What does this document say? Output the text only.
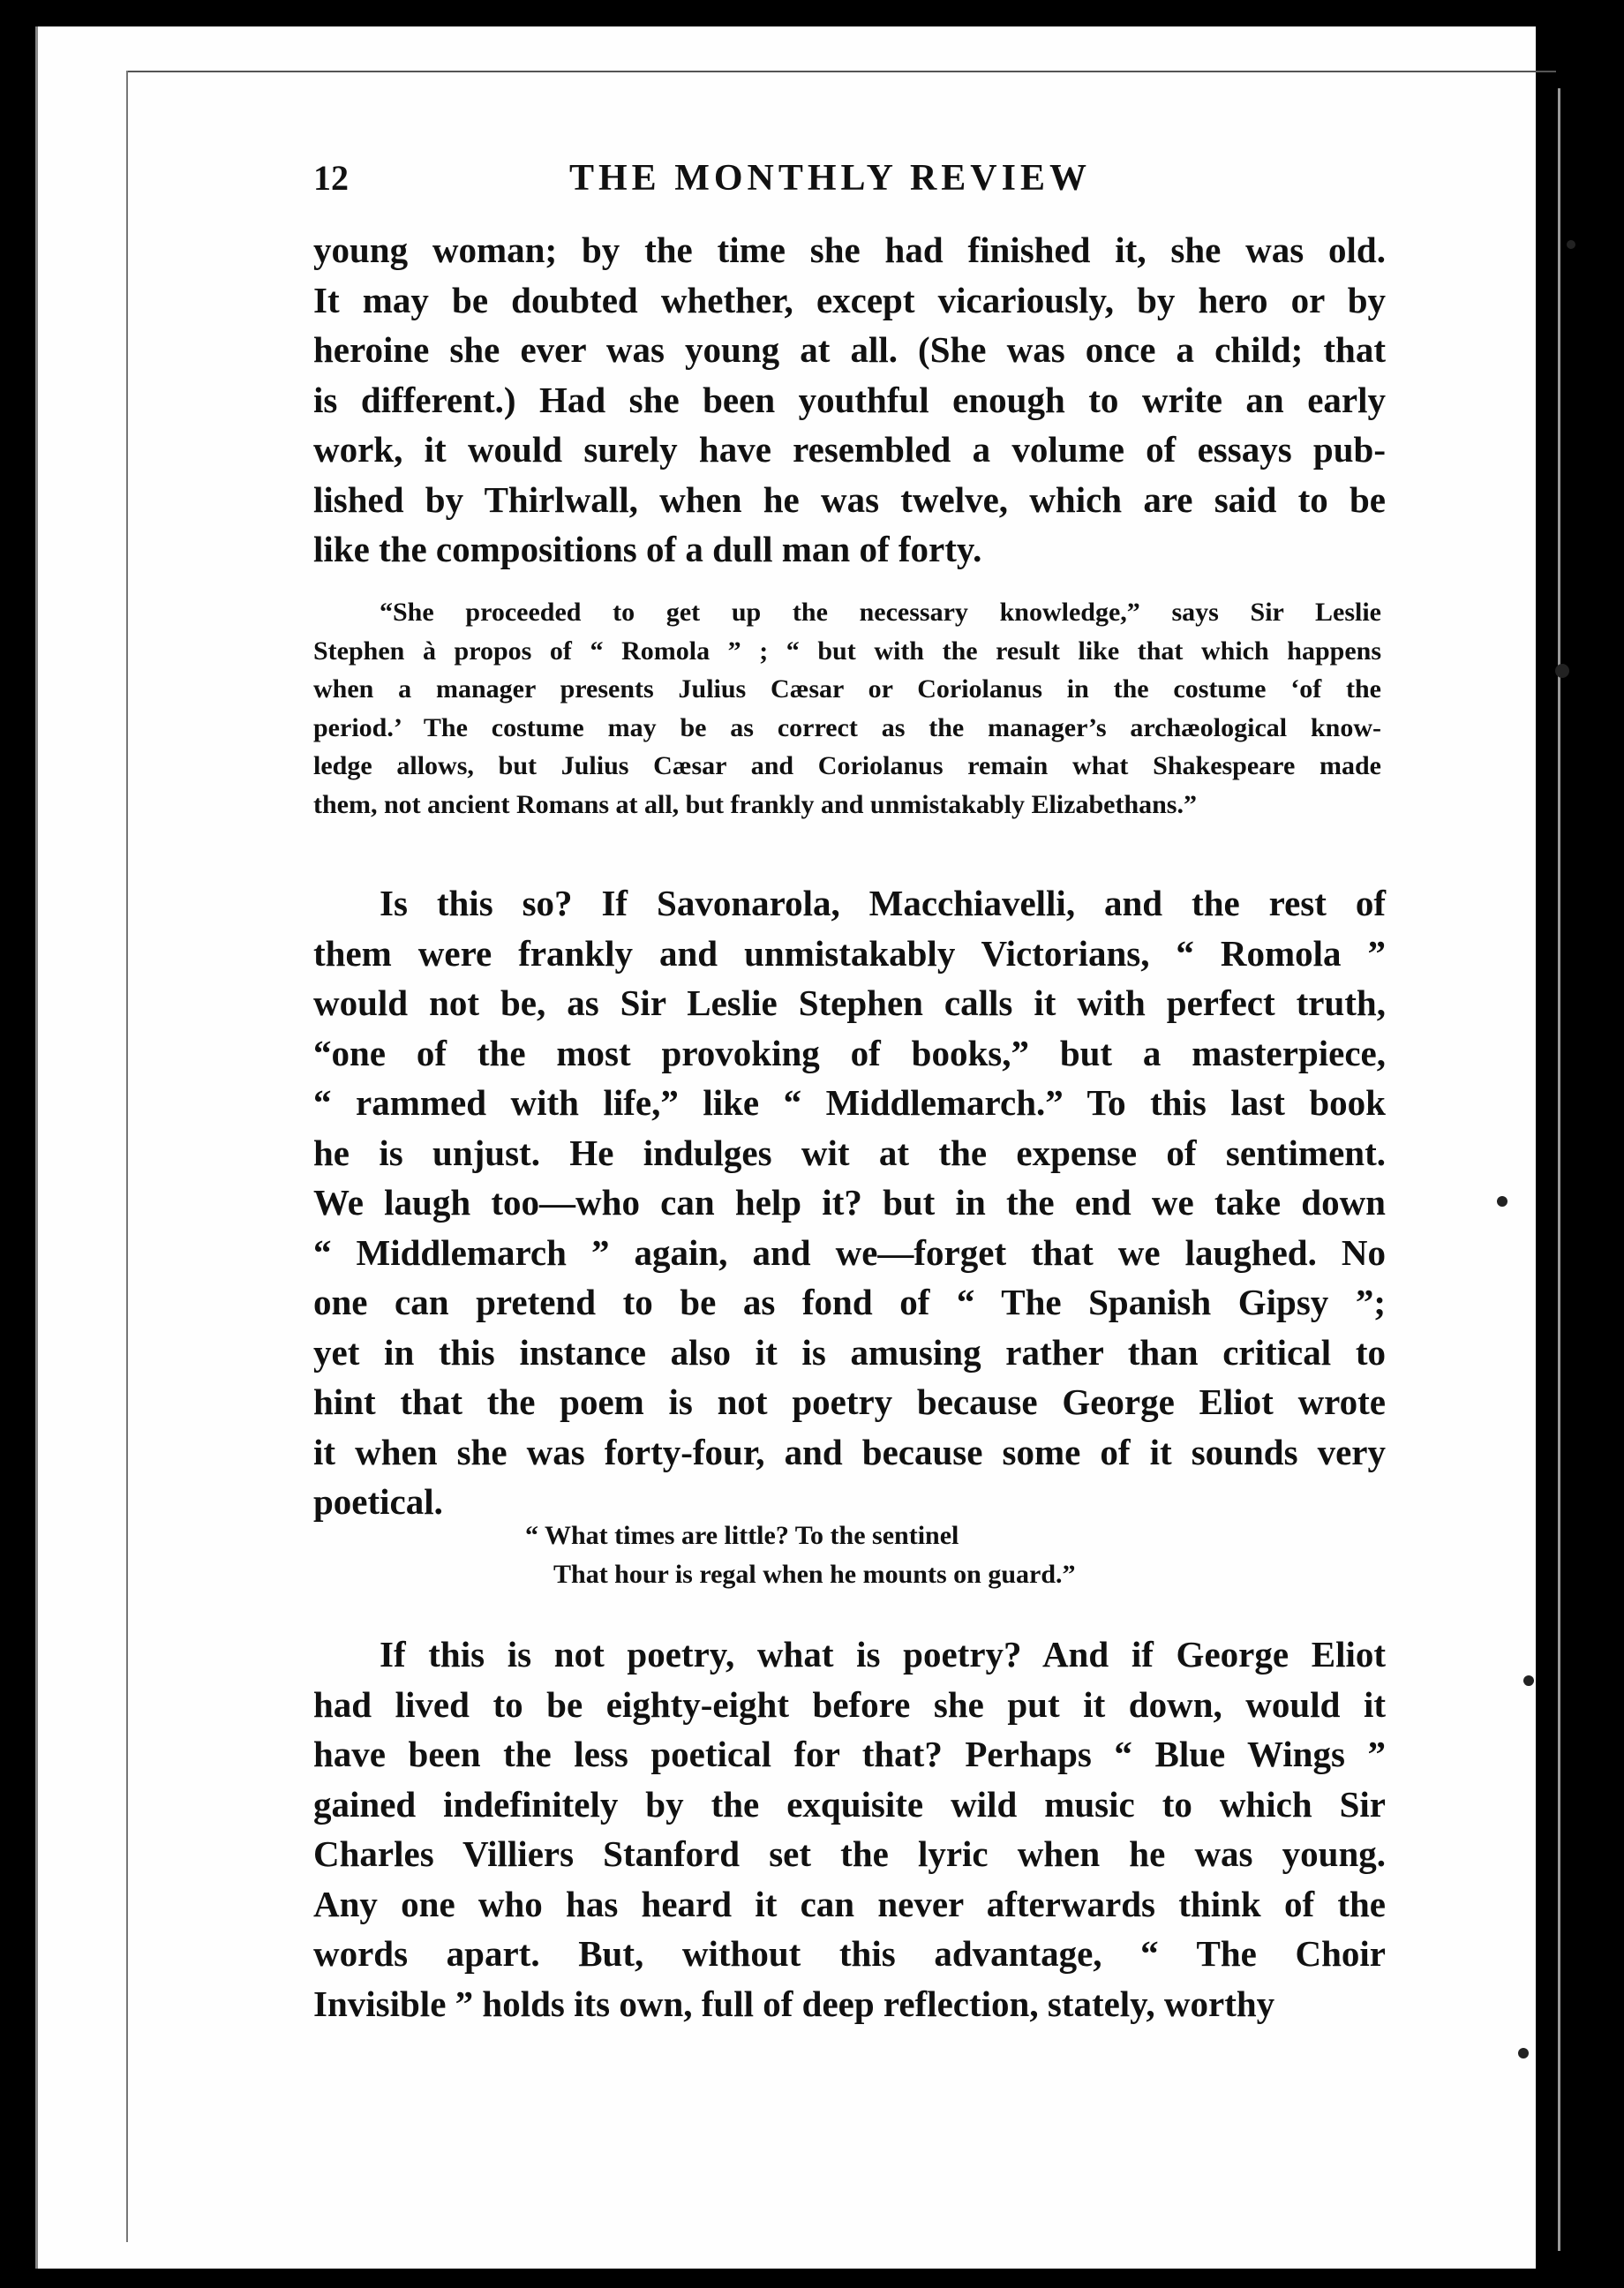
12	THE MONTHLY REVIEW
young woman; by the time she had finished it, she was old.
It may be doubted whether, except vicariously, by hero or by
heroine she ever was young at all. (She was once a child; that
is different.) Had she been youthful enough to write an early
work, it would surely have resembled a volume of essays pub-
lished by Thirlwall, when he was twelve, which are said to be
like the compositions of a dull man of forty.
“She proceeded to get up the necessary knowledge,” says Sir Leslie
Stephen à propos of “ Romola ” ; “ but with the result like that which happens
when a manager presents Julius Cæsar or Coriolanus in the costume ‘of the
period.’ The costume may be as correct as the manager’s archæological know-
ledge allows, but Julius Cæsar and Coriolanus remain what Shakespeare made
them, not ancient Romans at all, but frankly and unmistakably Elizabethans.”
Is this so? If Savonarola, Macchiavelli, and the rest of
them were frankly and unmistakably Victorians, “ Romola ”
would not be, as Sir Leslie Stephen calls it with perfect truth,
“one of the most provoking of books,” but a masterpiece,
“ rammed with life,” like “ Middlemarch.” To this last book
he is unjust. He indulges wit at the expense of sentiment.
We laugh too—who can help it? but in the end we take down
“ Middlemarch ” again, and we—forget that we laughed. No
one can pretend to be as fond of “ The Spanish Gipsy ”;
yet in this instance also it is amusing rather than critical to
hint that the poem is not poetry because George Eliot wrote
it when she was forty-four, and because some of it sounds very
poetical.
“ What times are little? To the sentinel
That hour is regal when he mounts on guard.”
If this is not poetry, what is poetry? And if George Eliot
had lived to be eighty-eight before she put it down, would it
have been the less poetical for that? Perhaps “ Blue Wings ”
gained indefinitely by the exquisite wild music to which Sir
Charles Villiers Stanford set the lyric when he was young.
Any one who has heard it can never afterwards think of the
words apart. But, without this advantage, “ The Choir
Invisible ” holds its own, full of deep reflection, stately, worthy
